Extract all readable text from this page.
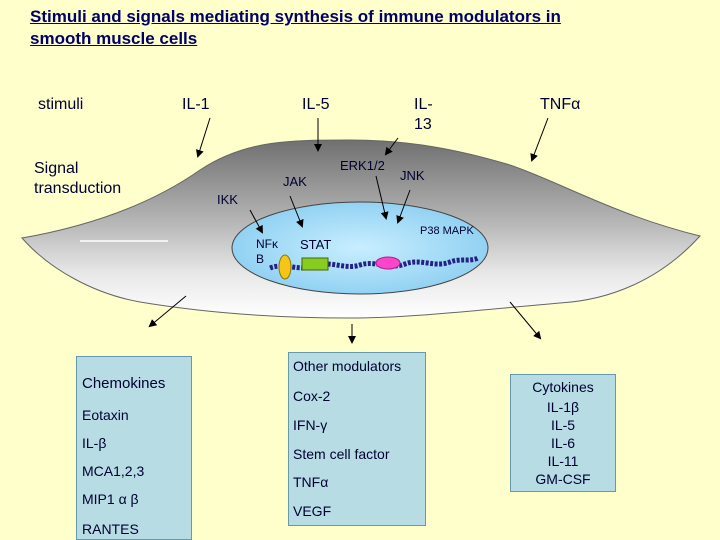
Stimuli and signals mediating synthesis of immune modulators in
smooth muscle cells
stimuli
Signal
transduction
IL-1	IL-5	IL-
13
TNFα
ERK1/2
JNK
JAK
IKK
P38 MAPK
NFκ
B
STAT
Chemokines
Eotaxin
IL-β
MCA1,2,3
MIP1 α β
RANTES
Other modulators
Cox-2
IFN-γ
Stem cell factor
TNFα
VEGF
Cytokines
IL-1β
IL-5
IL-6
IL-11
GM-CSF
